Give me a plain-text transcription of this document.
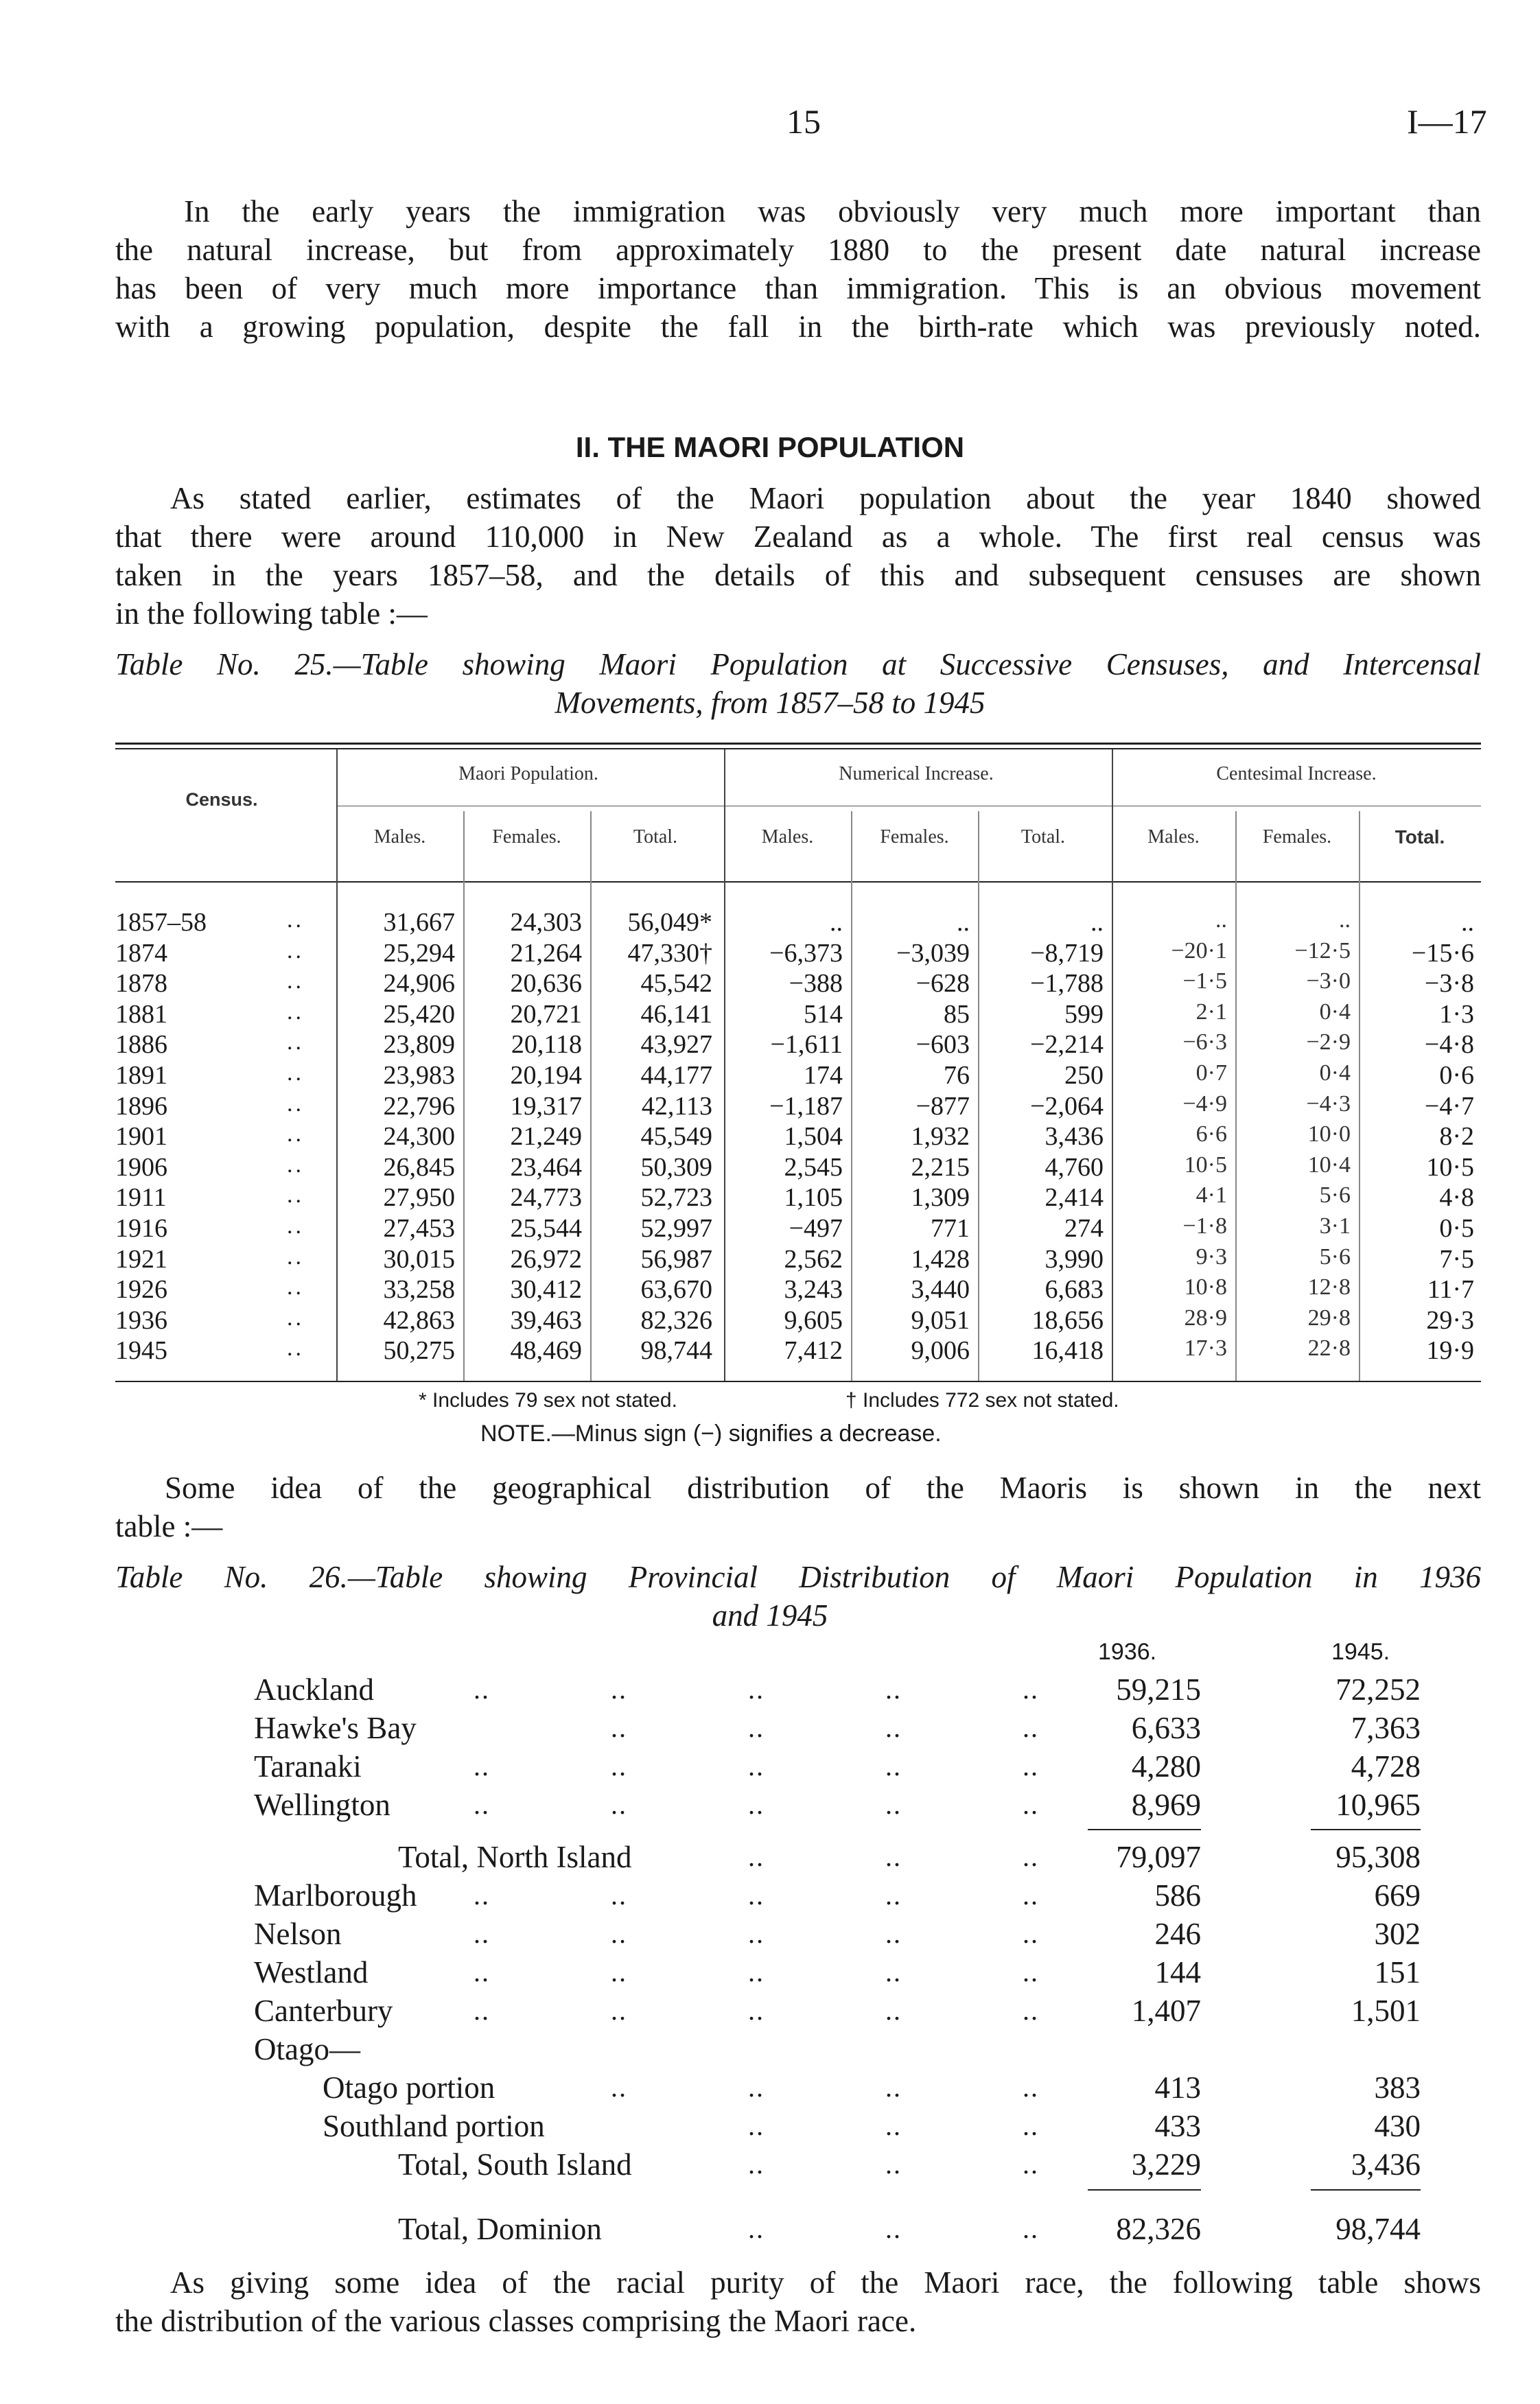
15	I—17
In the early years the immigration was obviously very much more important than
the natural increase, but from approximately 1880 to the present date natural increase
has been of very much more importance than immigration. This is an obvious movement
with a growing population, despite the fall in the birth-rate which was previously noted.
II. THE MAORI POPULATION
As stated earlier, estimates of the Maori population about the year 1840 showed
that there were around 110,000 in New Zealand as a whole. The first real census was
taken in the years 1857–58, and the details of this and subsequent censuses are shown
in the following table :—
Table No. 25.—Table showing Maori Population at Successive Censuses, and Intercensal
Movements, from 1857–58 to 1945
Census.
Maori Population.	Numerical Increase.	Centesimal Increase.
Males.	Females.	Total.	Males.	Females.	Total.	Males.	Females.	Total.
1857–58	..	31,667	24,303	56,049*	..	..	..	..	..	..
1874	..	25,294	21,264	47,330†	−6,373	−3,039	−8,719	−20·1	−12·5	−15·6
1878	..	24,906	20,636	45,542	−388	−628	−1,788	−1·5	−3·0	−3·8
1881	..	25,420	20,721	46,141	514	85	599	2·1	0·4	1·3
1886	..	23,809	20,118	43,927	−1,611	−603	−2,214	−6·3	−2·9	−4·8
1891	..	23,983	20,194	44,177	174	76	250	0·7	0·4	0·6
1896	..	22,796	19,317	42,113	−1,187	−877	−2,064	−4·9	−4·3	−4·7
1901	..	24,300	21,249	45,549	1,504	1,932	3,436	6·6	10·0	8·2
1906	..	26,845	23,464	50,309	2,545	2,215	4,760	10·5	10·4	10·5
1911	..	27,950	24,773	52,723	1,105	1,309	2,414	4·1	5·6	4·8
1916	..	27,453	25,544	52,997	−497	771	274	−1·8	3·1	0·5
1921	..	30,015	26,972	56,987	2,562	1,428	3,990	9·3	5·6	7·5
1926	..	33,258	30,412	63,670	3,243	3,440	6,683	10·8	12·8	11·7
1936	..	42,863	39,463	82,326	9,605	9,051	18,656	28·9	29·8	29·3
1945	..	50,275	48,469	98,744	7,412	9,006	16,418	17·3	22·8	19·9
* Includes 79 sex not stated.	† Includes 772 sex not stated.
NOTE.—Minus sign (−) signifies a decrease.
Some idea of the geographical distribution of the Maoris is shown in the next
table :—
Table No. 26.—Table showing Provincial Distribution of Maori Population in 1936
and 1945
1936.	1945.
Auckland	..	..	..	..	..	59,215	72,252
Hawke's Bay	..	..	..	..	6,633	7,363
Taranaki	..	..	..	..	..	4,280	4,728
Wellington	..	..	..	..	..	8,969	10,965
Total, North Island	..	..	..	79,097	95,308
Marlborough ..	..	..	..	..	586	669
Nelson	..	..	..	..	..	246	302
Westland	..	..	..	..	..	144	151
Canterbury	..	..	..	..	..	1,407	1,501
Otago—
Otago portion	..	..	..	..	413	383
Southland portion	..	..	..	433	430
Total, South Island	..	..	..	3,229	3,436
Total, Dominion	..	..	..	82,326	98,744
As giving some idea of the racial purity of the Maori race, the following table shows
the distribution of the various classes comprising the Maori race.
